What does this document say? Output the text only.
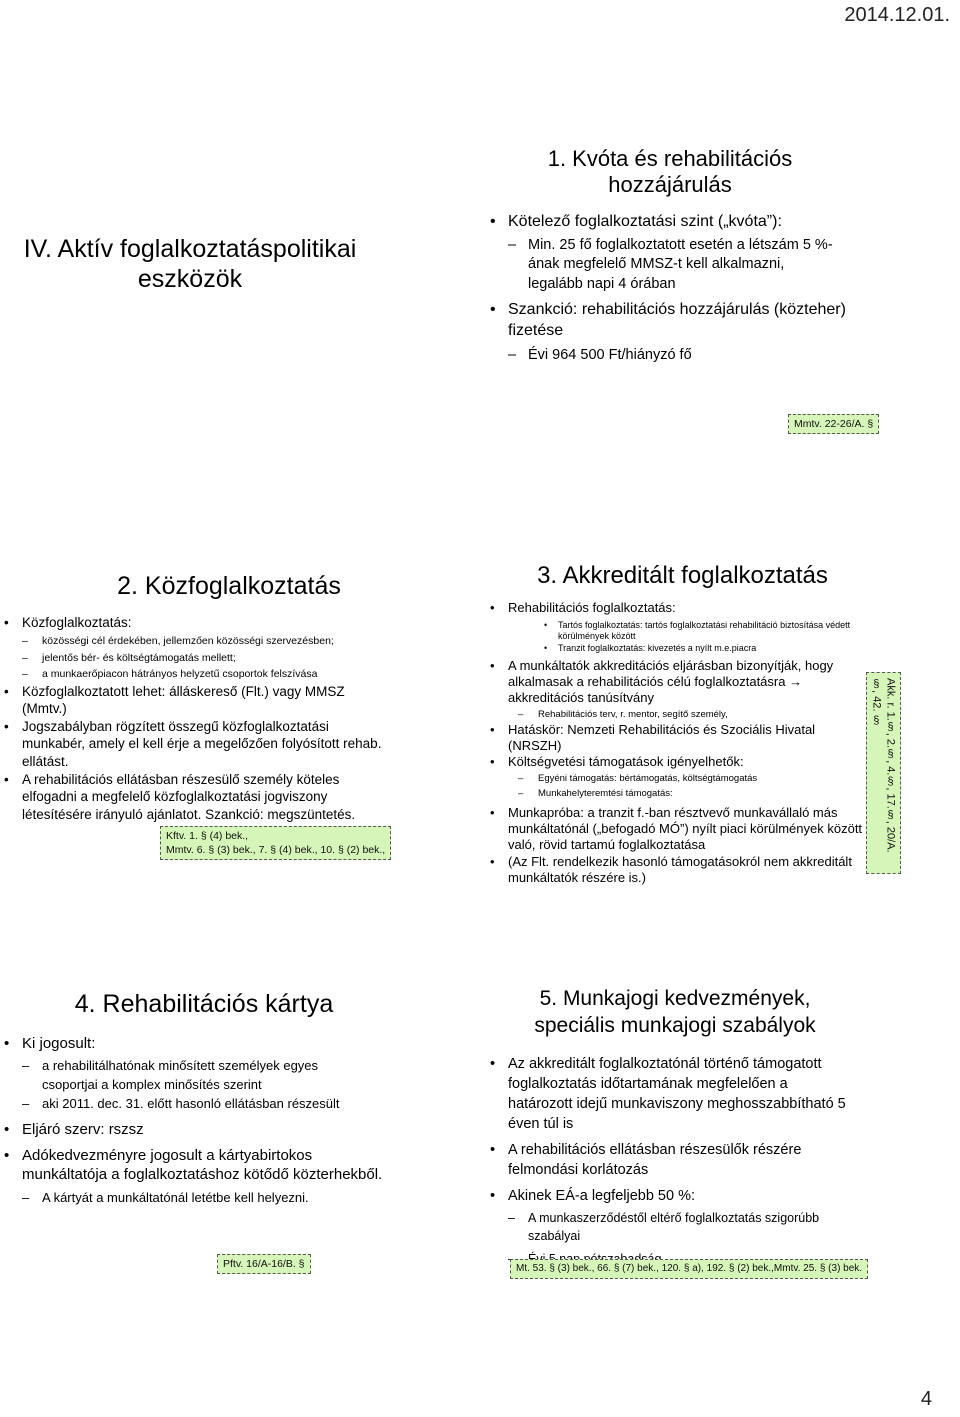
2014.12.01.
IV. Aktív foglalkoztatáspolitikai
eszközök
1. Kvóta és rehabilitációs
hozzájárulás
• Kötelező foglalkoztatási szint („kvóta”):
– Min. 25 fő foglalkoztatott esetén a létszám 5 %-ának megfelelő MMSZ-t kell alkalmazni, legalább napi 4 órában
• Szankció: rehabilitációs hozzájárulás (közteher) fizetése
– Évi 964 500 Ft/hiányzó fő
Mmtv. 22-26/A. §
2. Közfoglalkoztatás
• Közfoglalkoztatás:
– közösségi cél érdekében, jellemzően közösségi szervezésben;
– jelentős bér- és költségtámogatás mellett;
– a munkaerőpiacon hátrányos helyzetű csoportok felszívása
• Közfoglalkoztatott lehet: álláskereső (Flt.) vagy MMSZ (Mmtv.)
• Jogszabályban rögzített összegű közfoglalkoztatási munkabér, amely el kell érje a megelőzően folyósított rehab. ellátást.
• A rehabilitációs ellátásban részesülő személy köteles elfogadni a megfelelő közfoglalkoztatási jogviszony létesítésére irányuló ajánlatot. Szankció: megszüntetés.
Kftv. 1. § (4) bek.,
Mmtv. 6. § (3) bek., 7. § (4) bek., 10. § (2) bek.,
3. Akkreditált foglalkoztatás
• Rehabilitációs foglalkoztatás:
• Tartós foglalkoztatás: tartós foglalkoztatási rehabilitáció biztosítása védett körülmények között
• Tranzit foglalkoztatás: kivezetés a nyílt m.e.piacra
• A munkáltatók akkreditációs eljárásban bizonyítják, hogy alkalmasak a rehabilitációs célú foglalkoztatásra → akkreditációs tanúsítvány
– Rehabilitációs terv, r. mentor, segítő személy,
• Hatáskör: Nemzeti Rehabilitációs és Szociális Hivatal (NRSZH)
• Költségvetési támogatások igényelhetők:
– Egyéni támogatás: bértámogatás, költségtámogatás
– Munkahelyteremtési támogatás:
• Munkapróba: a tranzit f.-ban résztvevő munkavállaló más munkáltatónál („befogadó MÓ”) nyílt piaci körülmények között való, rövid tartamú foglalkoztatása
• (Az Flt. rendelkezik hasonló támogatásokról nem akkreditált munkáltatók részére is.)
Akk. r. 1.§, 2.§, 4.§, 17.§, 20/A. §, 42. §
4. Rehabilitációs kártya
• Ki jogosult:
– a rehabilitálhatónak minősített személyek egyes csoportjai a komplex minősítés szerint
– aki 2011. dec. 31. előtt hasonló ellátásban részesült
• Eljáró szerv: rszsz
• Adókedvezményre jogosult a kártyabirtokos munkáltatója a foglalkoztatáshoz kötődő közterhekből.
– A kártyát a munkáltatónál letétbe kell helyezni.
Pftv. 16/A-16/B. §
5. Munkajogi kedvezmények,
speciális munkajogi szabályok
• Az akkreditált foglalkoztatónál történő támogatott foglalkoztatás időtartamának megfelelően a határozott idejű munkaviszony meghosszabbítható 5 éven túl is
• A rehabilitációs ellátásban részesülők részére felmondási korlátozás
• Akinek EÁ-a legfeljebb 50 %:
– A munkaszerződéstől eltérő foglalkoztatás szigorúbb szabályai
–
Mt. 53. § (3) bek., 66. § (7) bek., 120. § a), 192. § (2) bek.,Mmtv. 25. § (3) bek.
4
